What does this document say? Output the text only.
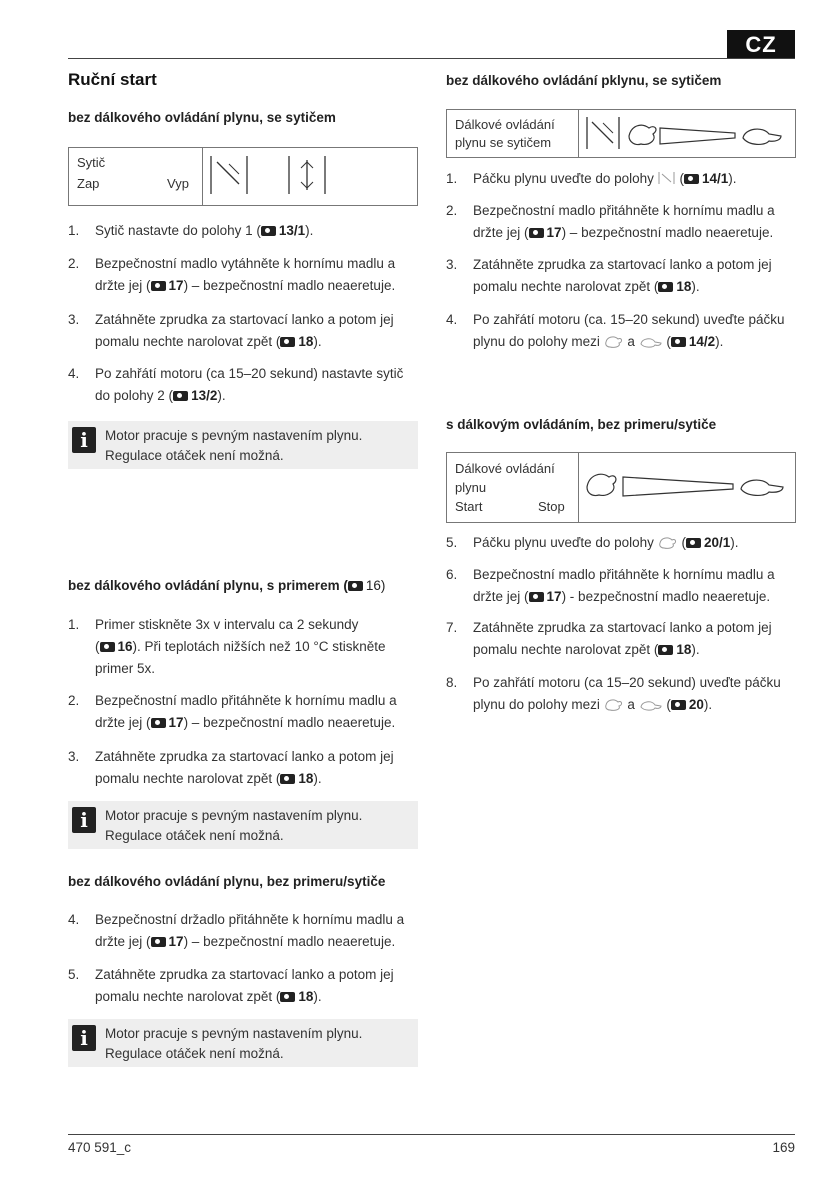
CZ
Ruční start
bez dálkového ovládání plynu, se sytičem
Sytič
Zap	Vyp
1.	Sytič nastavte do polohy 1 ( 13/1).
2.	Bezpečnostní madlo vytáhněte k hornímu madlu a
držte jej ( 17) – bezpečnostní madlo neaeretuje.
3.	Zatáhněte zprudka za startovací lanko a potom jej
pomalu nechte narolovat zpět ( 18).
4.	Po zahřátí motoru (ca 15–20 sekund) nastavte sytič
do polohy 2 ( 13/2).
i	Motor pracuje s pevným nastavením plynu.
Regulace otáček není možná.
bez dálkového ovládání plynu, s primerem ( 16)
1.	Primer stiskněte 3x v intervalu ca 2 sekundy
( 16). Při teplotách nižších než 10 °C stiskněte
primer 5x.
2.	Bezpečnostní madlo přitáhněte k hornímu madlu a
držte jej ( 17) – bezpečnostní madlo neaeretuje.
3.	Zatáhněte zprudka za startovací lanko a potom jej
pomalu nechte narolovat zpět ( 18).
i	Motor pracuje s pevným nastavením plynu.
Regulace otáček není možná.
bez dálkového ovládání plynu, bez primeru/sytiče
4.	Bezpečnostní držadlo přitáhněte k hornímu madlu a
držte jej ( 17) – bezpečnostní madlo neaeretuje.
5.	Zatáhněte zprudka za startovací lanko a potom jej
pomalu nechte narolovat zpět ( 18).
i	Motor pracuje s pevným nastavením plynu.
Regulace otáček není možná.
bez dálkového ovládání pklynu, se sytičem
Dálkové ovládání
plynu se sytičem
1.	Páčku plynu uveďte do polohy  ( 14/1).
2.	Bezpečnostní madlo přitáhněte k hornímu madlu a
držte jej ( 17) – bezpečnostní madlo neaeretuje.
3.	Zatáhněte zprudka za startovací lanko a potom jej
pomalu nechte narolovat zpět ( 18).
4.	Po zahřátí motoru (ca. 15–20 sekund) uveďte páčku
plynu do polohy mezi a  ( 14/2).
s dálkovým ovládáním, bez primeru/sytiče
Dálkové ovládání
plynu
Start	Stop
5.	Páčku plynu uveďte do polohy  ( 20/1).
6.	Bezpečnostní madlo přitáhněte k hornímu madlu a
držte jej ( 17) - bezpečnostní madlo neaeretuje.
7.	Zatáhněte zprudka za startovací lanko a potom jej
pomalu nechte narolovat zpět ( 18).
8.	Po zahřátí motoru (ca 15–20 sekund) uveďte páčku
plynu do polohy mezi a  ( 20).
470 591_c	169
